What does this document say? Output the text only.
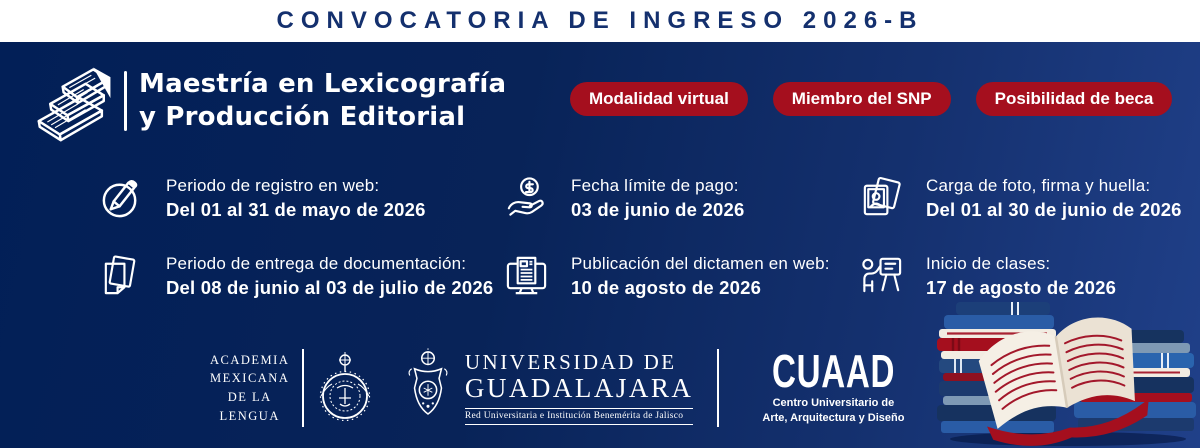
CONVOCATORIA DE INGRESO 2026-B
Maestría en Lexicografía
y Producción Editorial
Modalidad virtual	Miembro del SNP	Posibilidad de beca
Periodo de registro en web:
Del 01 al 31 de mayo de 2026
Fecha límite de pago:
03 de junio de 2026
Carga de foto, firma y huella:
Del 01 al 30 de junio de 2026
Periodo de entrega de documentación:
Del 08 de junio al 03 de julio de 2026
Publicación del dictamen en web:
10 de agosto de 2026
Inicio de clases:
17 de agosto de 2026
ACADEMIA
MEXICANA
DE LA
LENGUA
UNIVERSIDAD DE
GUADALAJARA
Red Universitaria e Institución Benemérita de Jalisco
CUAAD
Centro Universitario de
Arte, Arquitectura y Diseño
